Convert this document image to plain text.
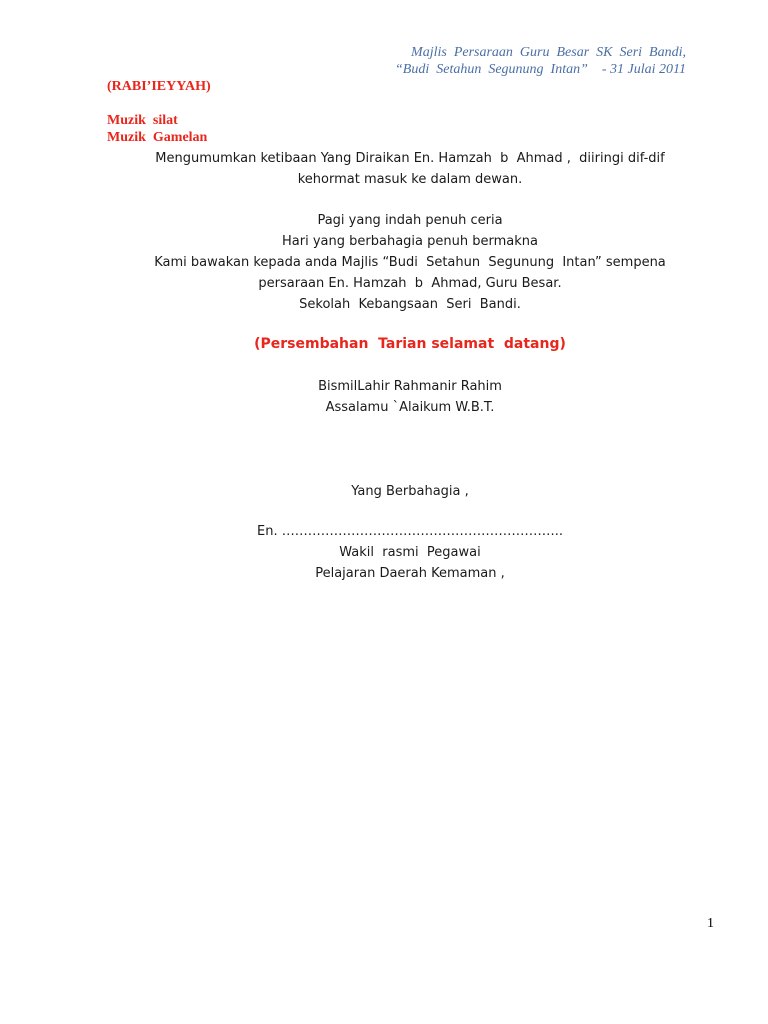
Majlis  Persaraan  Guru  Besar  SK  Seri  Bandi,
“Budi  Setahun  Segunung  Intan”    - 31 Julai 2011
(RABI’IEYYAH)
Muzik  silat
Muzik  Gamelan
Mengumumkan ketibaan Yang Diraikan En. Hamzah  b  Ahmad ,  diiringi dif-dif
kehormat masuk ke dalam dewan.
Pagi yang indah penuh ceria
Hari yang berbahagia penuh bermakna
Kami bawakan kepada anda Majlis “Budi  Setahun  Segunung  Intan” sempena
persaraan En. Hamzah  b  Ahmad, Guru Besar.
Sekolah  Kebangsaan  Seri  Bandi.
(Persembahan  Tarian selamat  datang)
BismilLahir Rahmanir Rahim
Assalamu `Alaikum W.B.T.
Yang Berbahagia ,
En. ………………………………………………………..
Wakil  rasmi  Pegawai
Pelajaran Daerah Kemaman ,
1
